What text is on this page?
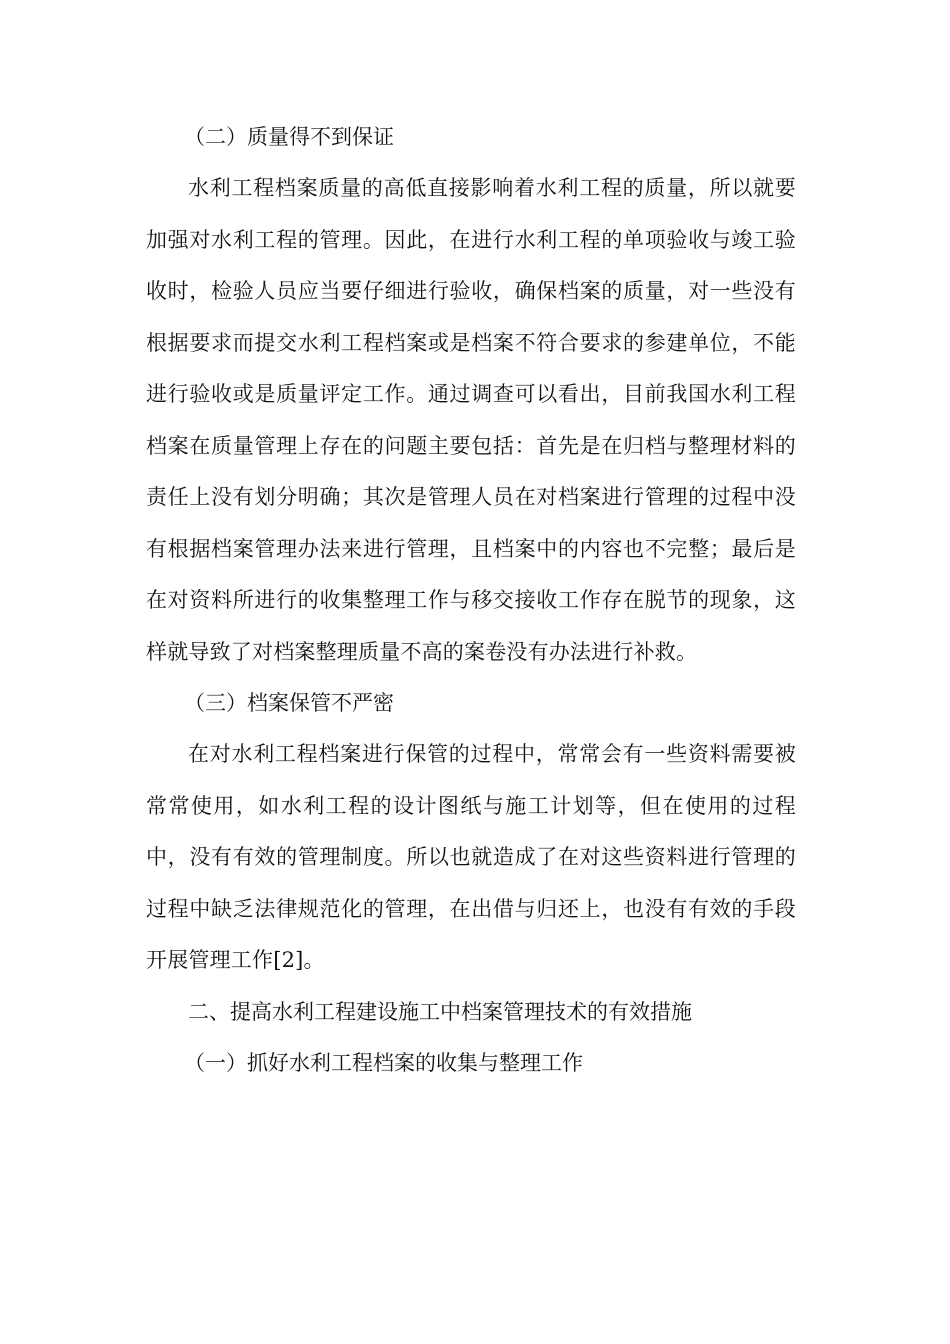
（二）质量得不到保证

水利工程档案质量的高低直接影响着水利工程的质量，所以就要加强对水利工程的管理。因此，在进行水利工程的单项验收与竣工验收时，检验人员应当要仔细进行验收，确保档案的质量，对一些没有根据要求而提交水利工程档案或是档案不符合要求的参建单位，不能进行验收或是质量评定工作。通过调查可以看出，目前我国水利工程档案在质量管理上存在的问题主要包括：首先是在归档与整理材料的责任上没有划分明确；其次是管理人员在对档案进行管理的过程中没有根据档案管理办法来进行管理，且档案中的内容也不完整；最后是在对资料所进行的收集整理工作与移交接收工作存在脱节的现象，这样就导致了对档案整理质量不高的案卷没有办法进行补救。

（三）档案保管不严密

在对水利工程档案进行保管的过程中，常常会有一些资料需要被常常使用，如水利工程的设计图纸与施工计划等，但在使用的过程中，没有有效的管理制度。所以也就造成了在对这些资料进行管理的过程中缺乏法律规范化的管理，在出借与归还上，也没有有效的手段开展管理工作[2]。

二、提高水利工程建设施工中档案管理技术的有效措施

（一）抓好水利工程档案的收集与整理工作
